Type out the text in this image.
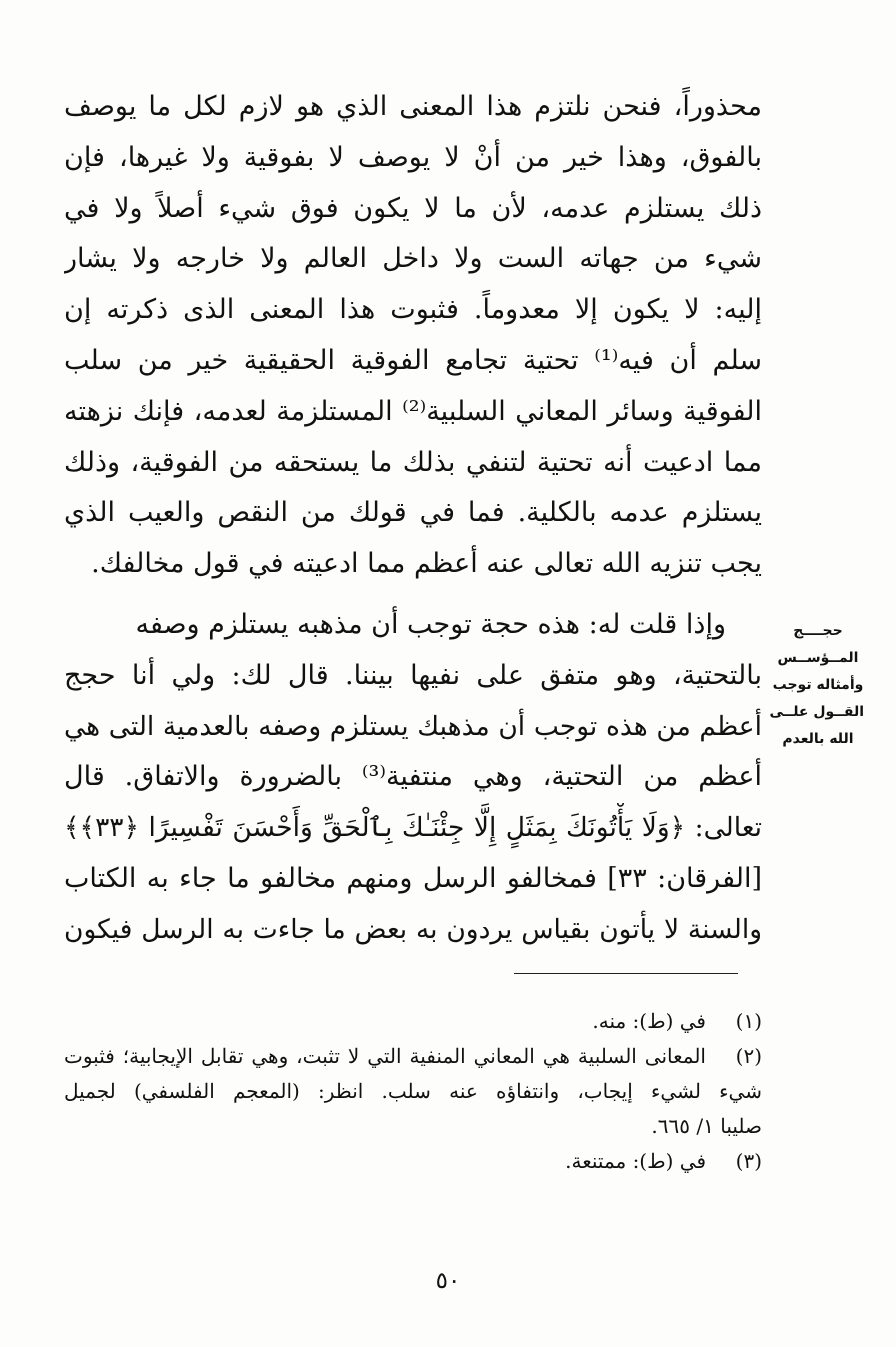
محذوراً، فنحن نلتزم هذا المعنى الذي هو لازم لكل ما يوصف

بالفوق، وهذا خير من أنْ لا يوصف لا بفوقية ولا غيرها، فإن

ذلك يستلزم عدمه، لأن ما لا يكون فوق شيء أصلاً ولا في

شيء من جهاته الست ولا داخل العالم ولا خارجه ولا يشار

إليه: لا يكون إلا معدوماً. فثبوت هذا المعنى الذى ذكرته إن

سلم أن فيه⁽¹⁾ تحتية تجامع الفوقية الحقيقية خير من سلب

الفوقية وسائر المعاني السلبية⁽²⁾ المستلزمة لعدمه، فإنك نزهته

مما ادعيت أنه تحتية لتنفي بذلك ما يستحقه من الفوقية، وذلك

يستلزم عدمه بالكلية. فما في قولك من النقص والعيب الذي

يجب تنزيه الله تعالى عنه أعظم مما ادعيته في قول مخالفك.

وإذا قلت له: هذه حجة توجب أن مذهبه يستلزم وصفه

بالتحتية، وهو متفق على نفيها بيننا. قال لك: ولي أنا حجج

أعظم من هذه توجب أن مذهبك يستلزم وصفه بالعدمية التى هي

أعظم من التحتية، وهي منتفية⁽³⁾ بالضرورة والاتفاق. قال

تعالى: ﴿وَلَا يَأْتُونَكَ بِمَثَلٍ إِلَّا جِئْنَـٰكَ بِٱلْحَقِّ وَأَحْسَنَ تَفْسِيرًا ﴿٣٣﴾﴾

[الفرقان: ٣٣] فمخالفو الرسل ومنهم مخالفو ما جاء به الكتاب

والسنة لا يأتون بقياس يردون به بعض ما جاءت به الرسل فيكون

حجــــج
المــؤســس
وأمثاله توجب
القــول علــى
الله بالعدم
(١)

في (ط): منه.

(٢)

المعانى السلبية هي المعاني المنفية التي لا تثبت، وهي تقابل الإيجابية؛ فثبوت

شيء لشيء إيجاب، وانتفاؤه عنه سلب. انظر: (المعجم الفلسفي) لجميل

صليبا ١/ ٦٦٥.

(٣)

في (ط): ممتنعة.

٥٠
